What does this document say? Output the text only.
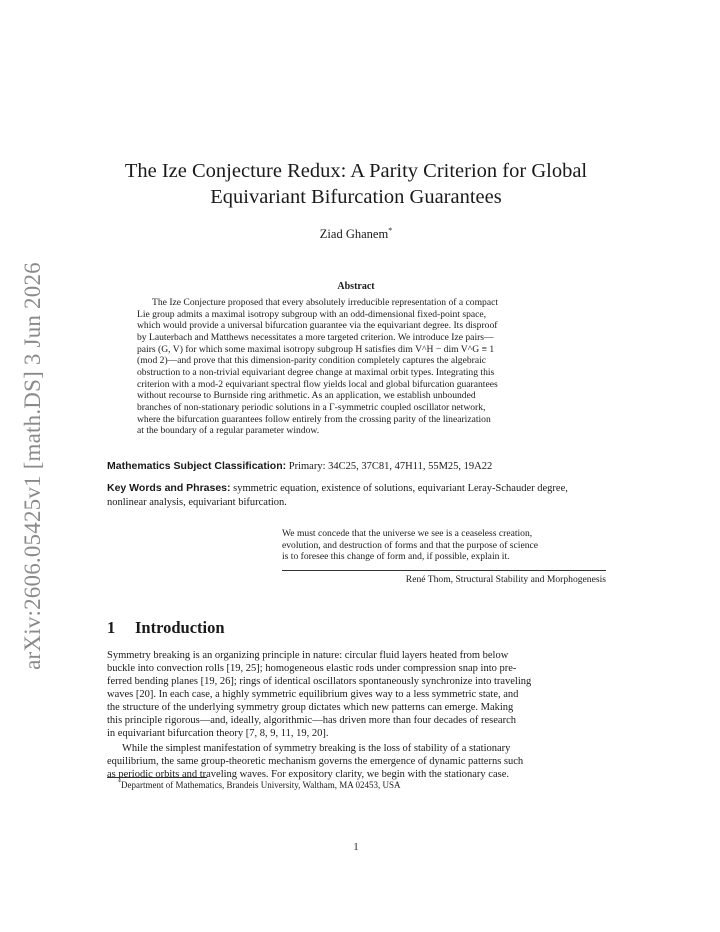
arXiv:2606.05425v1 [math.DS] 3 Jun 2026
The Ize Conjecture Redux: A Parity Criterion for Global
Equivariant Bifurcation Guarantees
Ziad Ghanem*
Abstract
The Ize Conjecture proposed that every absolutely irreducible representation of a compact
Lie group admits a maximal isotropy subgroup with an odd-dimensional fixed-point space,
which would provide a universal bifurcation guarantee via the equivariant degree. Its disproof
by Lauterbach and Matthews necessitates a more targeted criterion. We introduce Ize pairs—
pairs (G, V) for which some maximal isotropy subgroup H satisfies dim V^H − dim V^G ≡ 1
(mod 2)—and prove that this dimension-parity condition completely captures the algebraic
obstruction to a non-trivial equivariant degree change at maximal orbit types. Integrating this
criterion with a mod-2 equivariant spectral flow yields local and global bifurcation guarantees
without recourse to Burnside ring arithmetic. As an application, we establish unbounded
branches of non-stationary periodic solutions in a Γ-symmetric coupled oscillator network,
where the bifurcation guarantees follow entirely from the crossing parity of the linearization
at the boundary of a regular parameter window.
Mathematics Subject Classification: Primary: 34C25, 37C81, 47H11, 55M25, 19A22
Key Words and Phrases: symmetric equation, existence of solutions, equivariant Leray-Schauder degree, nonlinear analysis, equivariant bifurcation.
We must concede that the universe we see is a ceaseless creation,
evolution, and destruction of forms and that the purpose of science
is to foresee this change of form and, if possible, explain it.
René Thom, Structural Stability and Morphogenesis
1 Introduction
Symmetry breaking is an organizing principle in nature: circular fluid layers heated from below
buckle into convection rolls [19, 25]; homogeneous elastic rods under compression snap into pre-
ferred bending planes [19, 26]; rings of identical oscillators spontaneously synchronize into traveling
waves [20]. In each case, a highly symmetric equilibrium gives way to a less symmetric state, and
the structure of the underlying symmetry group dictates which new patterns can emerge. Making
this principle rigorous—and, ideally, algorithmic—has driven more than four decades of research
in equivariant bifurcation theory [7, 8, 9, 11, 19, 20].
While the simplest manifestation of symmetry breaking is the loss of stability of a stationary
equilibrium, the same group-theoretic mechanism governs the emergence of dynamic patterns such
as periodic orbits and traveling waves. For expository clarity, we begin with the stationary case.
*Department of Mathematics, Brandeis University, Waltham, MA 02453, USA
1
